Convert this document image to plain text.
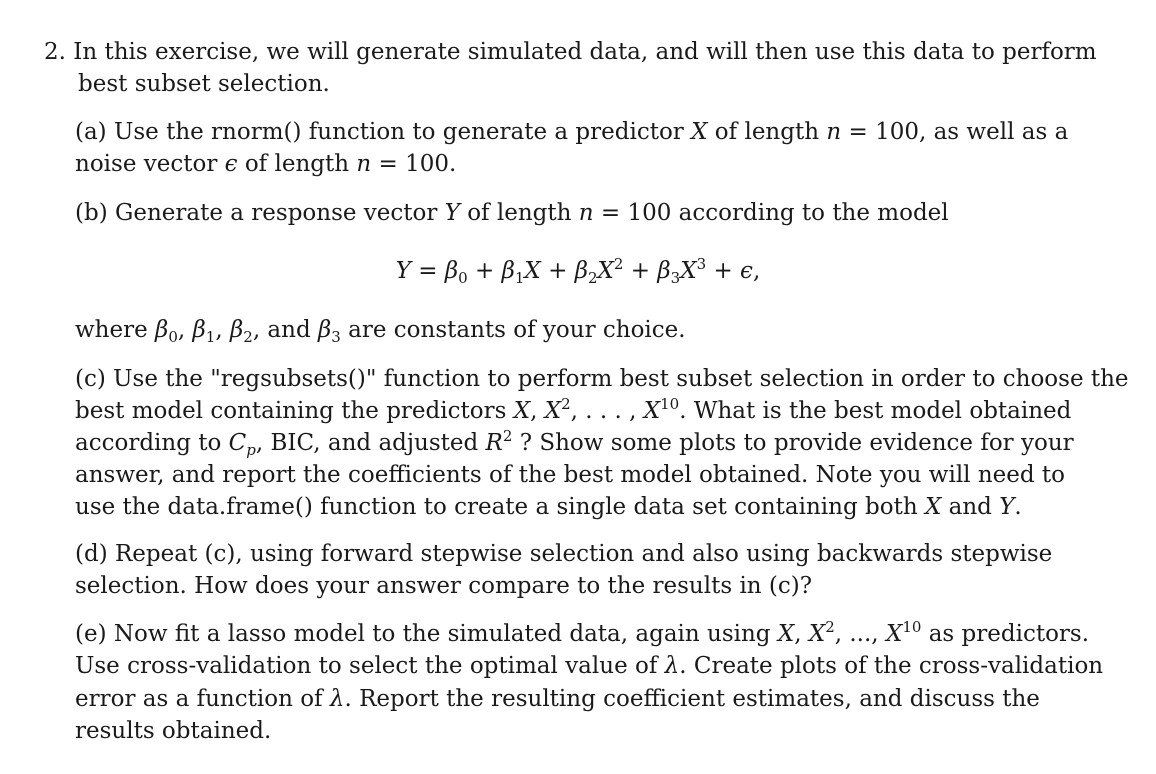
2. In this exercise, we will generate simulated data, and will then use this data to perform
best subset selection.
(a) Use the rnorm() function to generate a predictor X of length n = 100, as well as a
noise vector ϵ of length n = 100.
(b) Generate a response vector Y of length n = 100 according to the model
$Y = \beta_0 + \beta_1X + \beta_2X^2 + \beta_3X^3 + \epsilon$,
where $\beta_0$, $\beta_1$, $\beta_2$, and $\beta_3$ are constants of your choice.
(c) Use the "regsubsets()" function to perform best subset selection in order to choose the
best model containing the predictors X, $X^2$, . . . , $X^{10}$. What is the best model obtained
according to $C_p$, BIC, and adjusted $R^2$ ? Show some plots to provide evidence for your
answer, and report the coefficients of the best model obtained. Note you will need to
use the data.frame() function to create a single data set containing both X and Y.
(d) Repeat (c), using forward stepwise selection and also using backwards stepwise
selection. How does your answer compare to the results in (c)?
(e) Now fit a lasso model to the simulated data, again using X, $X^2$, ..., $X^{10}$ as predictors.
Use cross-validation to select the optimal value of λ. Create plots of the cross-validation
error as a function of λ. Report the resulting coefficient estimates, and discuss the
results obtained.
